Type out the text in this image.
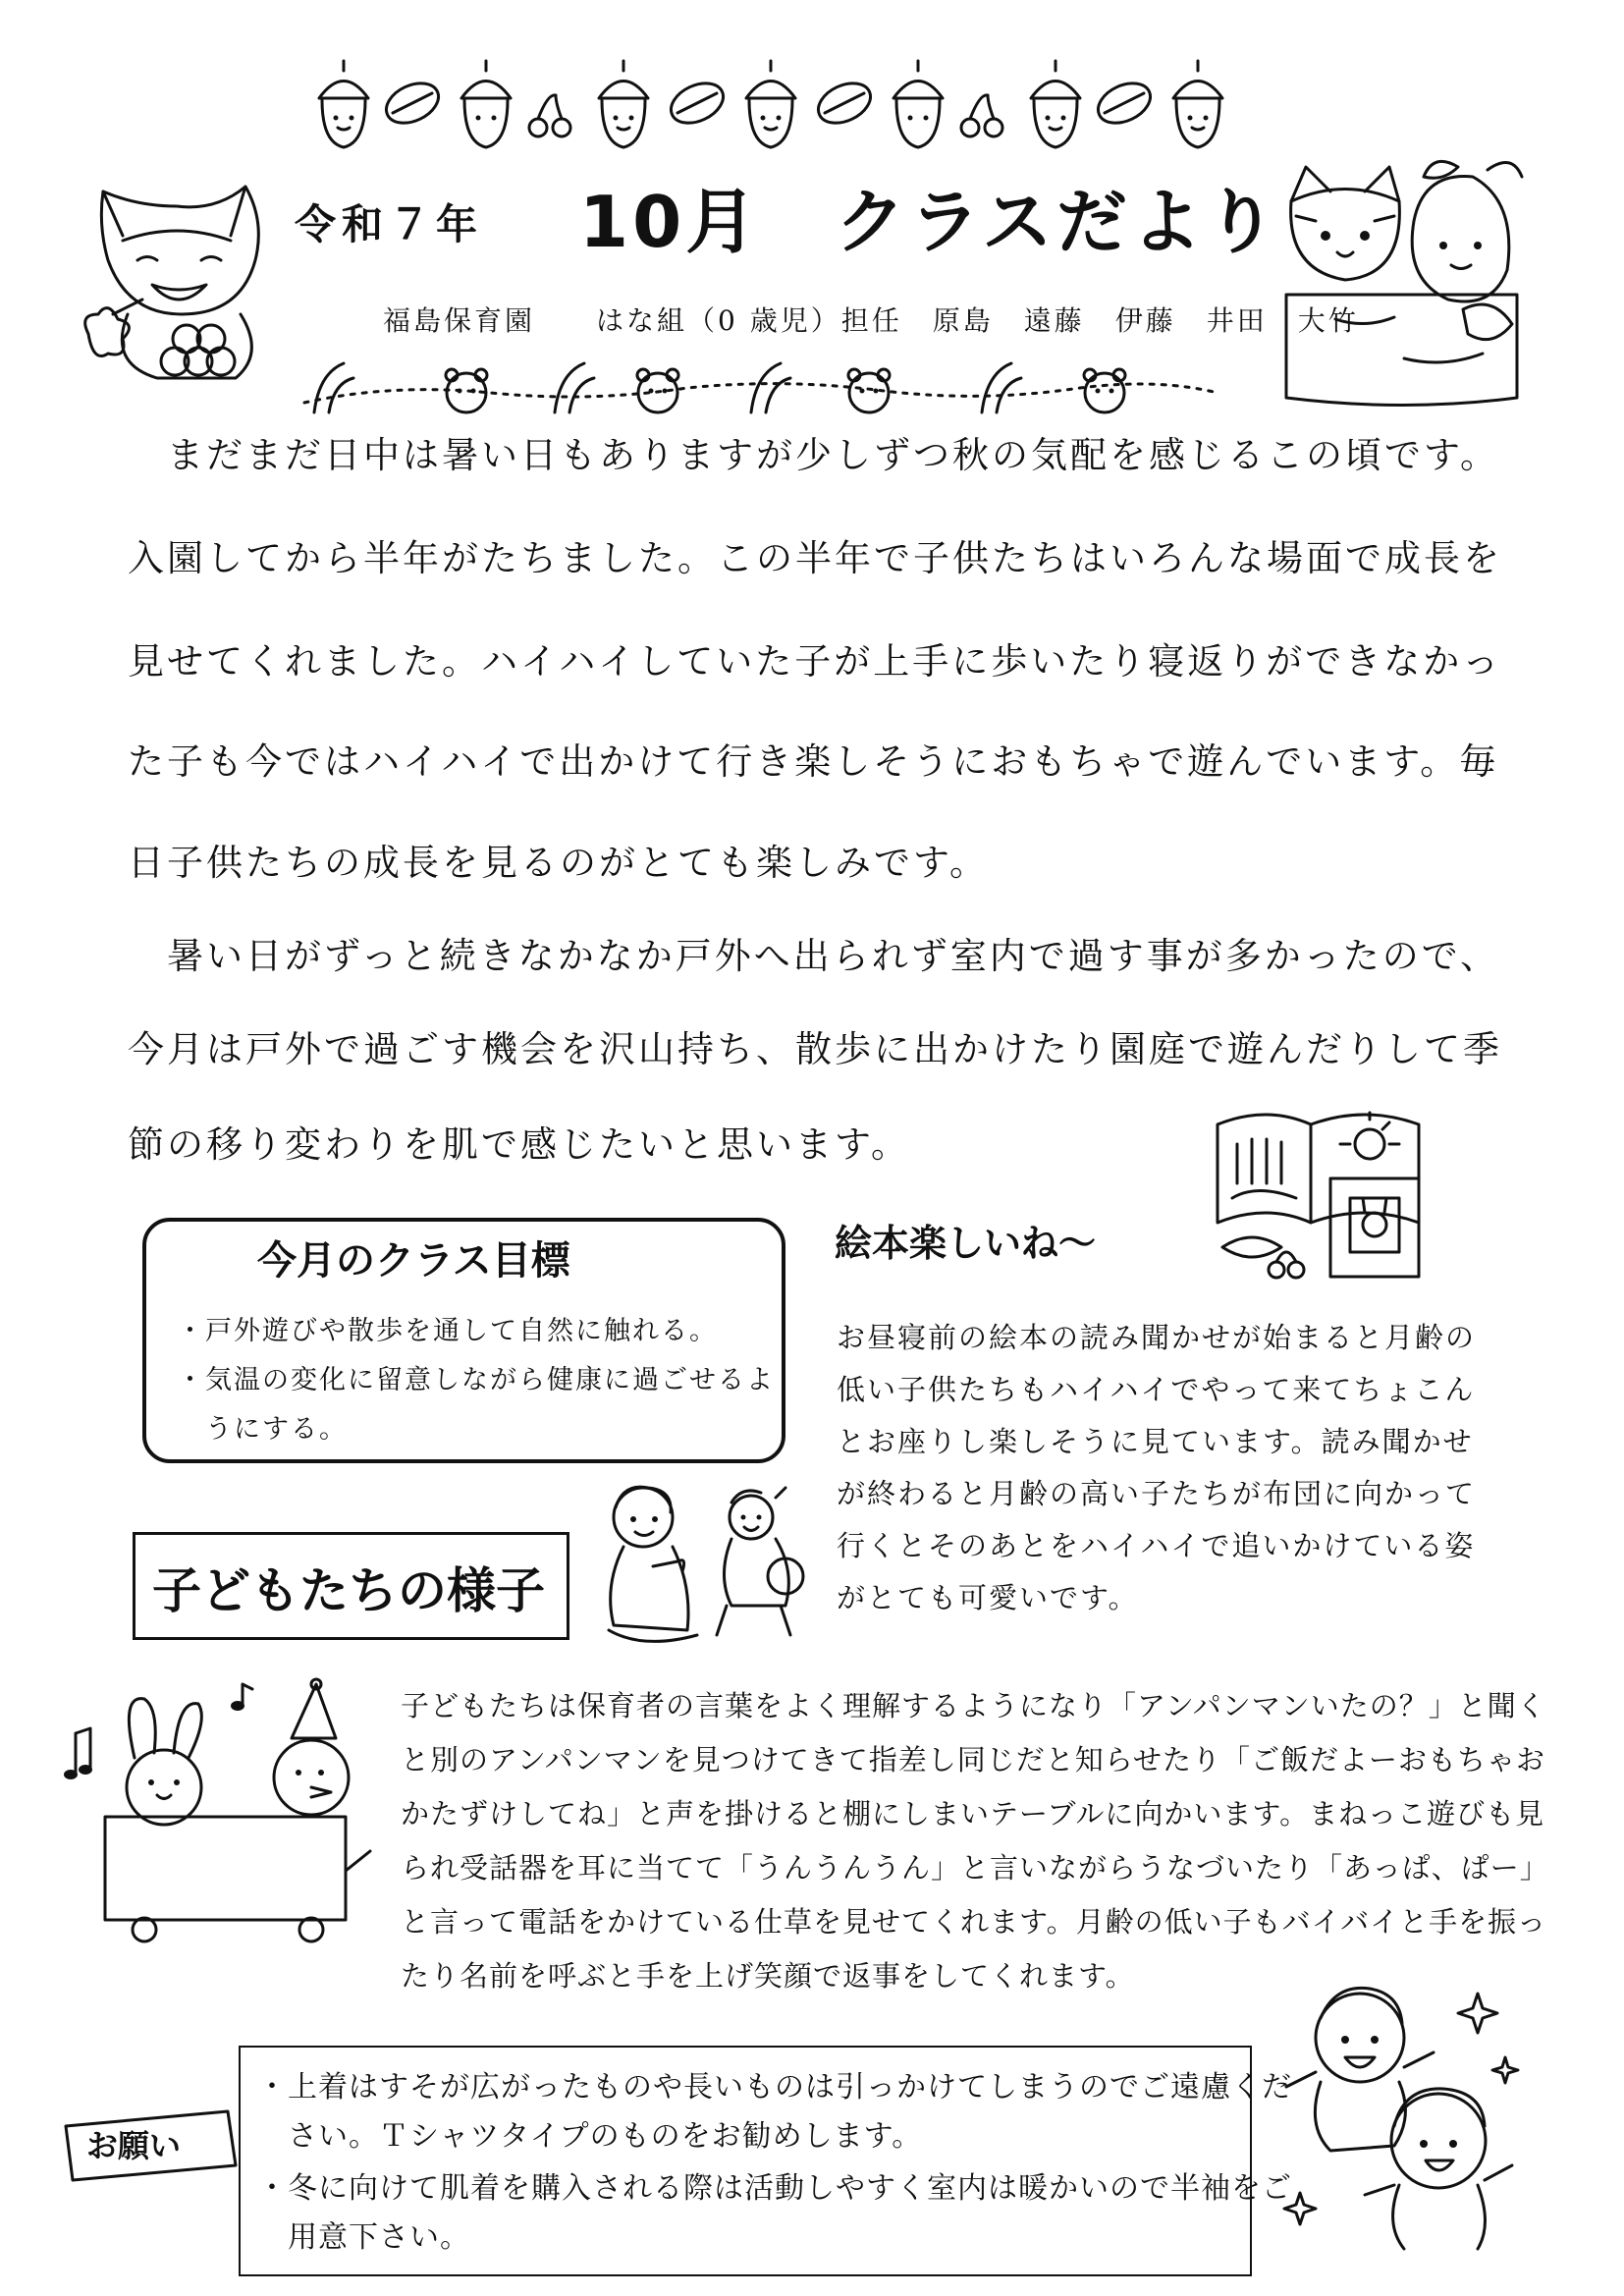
令和７年 10月　クラスだより
福島保育園　　はな組（0 歳児）担任　原島　遠藤　伊藤　井田　大竹
　まだまだ日中は暑い日もありますが少しずつ秋の気配を感じるこの頃です。
入園してから半年がたちました。この半年で子供たちはいろんな場面で成長を
見せてくれました。ハイハイしていた子が上手に歩いたり寝返りができなかっ
た子も今ではハイハイで出かけて行き楽しそうにおもちゃで遊んでいます。毎
日子供たちの成長を見るのがとても楽しみです。
　暑い日がずっと続きなかなか戸外へ出られず室内で過す事が多かったので、
今月は戸外で過ごす機会を沢山持ち、散歩に出かけたり園庭で遊んだりして季
節の移り変わりを肌で感じたいと思います。
今月のクラス目標
・戸外遊びや散歩を通して自然に触れる。
・気温の変化に留意しながら健康に過ごせるよ
　うにする。
絵本楽しいね～
お昼寝前の絵本の読み聞かせが始まると月齢の
低い子供たちもハイハイでやって来てちょこん
とお座りし楽しそうに見ています。読み聞かせ
が終わると月齢の高い子たちが布団に向かって
行くとそのあとをハイハイで追いかけている姿
がとても可愛いです。
子どもたちの様子
子どもたちは保育者の言葉をよく理解するようになり「アンパンマンいたの？」と聞く
と別のアンパンマンを見つけてきて指差し同じだと知らせたり「ご飯だよーおもちゃお
かたずけしてね」と声を掛けると棚にしまいテーブルに向かいます。まねっこ遊びも見
られ受話器を耳に当てて「うんうんうん」と言いながらうなづいたり「あっぱ、ぱー」
と言って電話をかけている仕草を見せてくれます。月齢の低い子もバイバイと手を振っ
たり名前を呼ぶと手を上げ笑顔で返事をしてくれます。
お願い
・上着はすそが広がったものや長いものは引っかけてしまうのでご遠慮くだ
　さい。Ｔシャツタイプのものをお勧めします。
・冬に向けて肌着を購入される際は活動しやすく室内は暖かいので半袖をご
　用意下さい。
